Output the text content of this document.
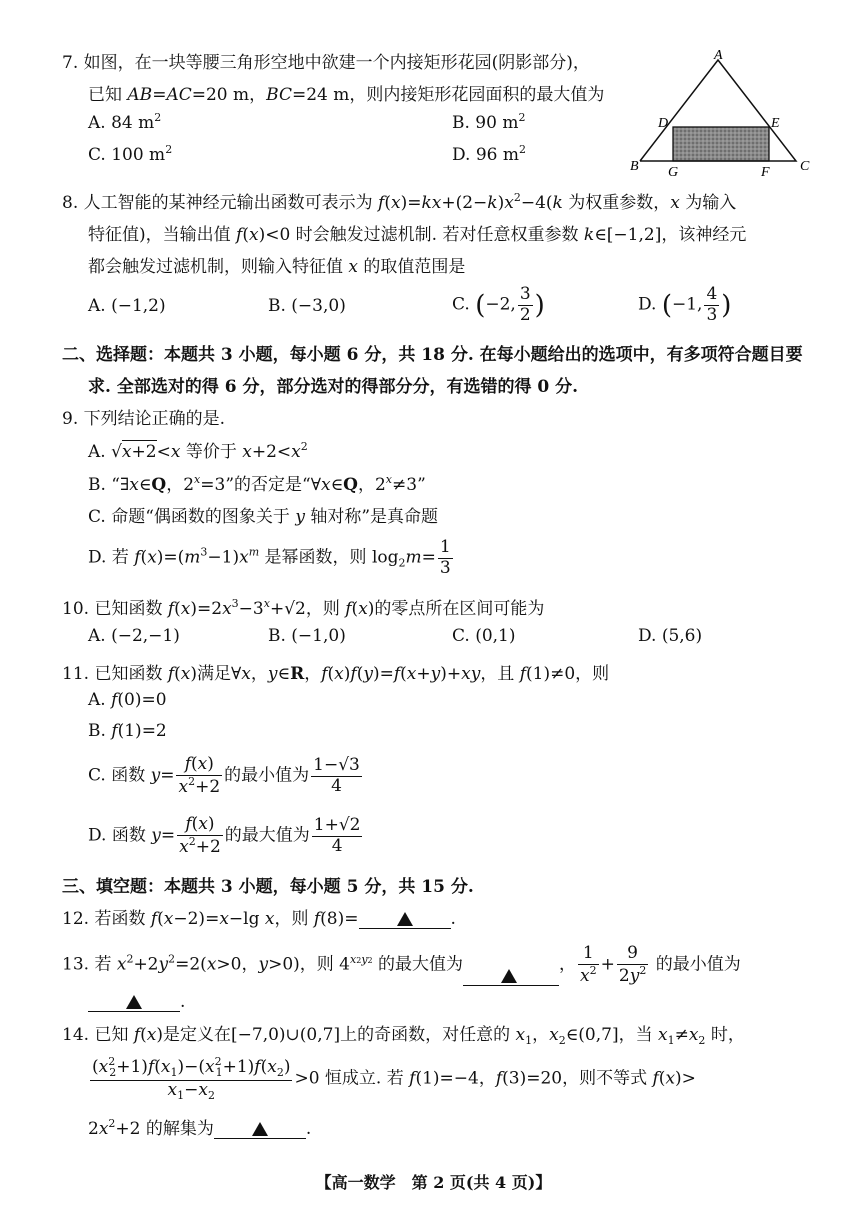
7. 如图，在一块等腰三角形空地中欲建一个内接矩形花园(阴影部分)，
已知 AB=AC=20 m，BC=24 m，则内接矩形花园面积的最大值为
A. 84 $m^2$	B. 90 $m^2$
C. 100 $m^2$	D. 96 $m^2$
A
D	E
B G	F C
8. 人工智能的某神经元输出函数可表示为 $f(x)=kx+(2-k)x^2-4(k$ 为权重参数，x 为输入
特征值)，当输出值 f(x)<0 时会触发过滤机制. 若对任意权重参数 k∈[−1,2]，该神经元
都会触发过滤机制，则输入特征值 x 的取值范围是
A. (−1,2)	B. (−3,0)	C. (−2, $\frac{3}{2}$ )	D. (−1, $\frac{4}{3}$ )
二、选择题：本题共 3 小题，每小题 6 分，共 18 分. 在每小题给出的选项中，有多项符合题目要
求. 全部选对的得 6 分，部分选对的得部分分，有选错的得 0 分.
9. 下列结论正确的是.
A. √x+2<x 等价于 $x+2<x^2$
B. “∃x∈Q，$2^x=3$”的否定是“∀x∈Q，$2^x\ne 3$”
C. 命题“偶函数的图象关于 y 轴对称”是真命题
D. 若 $f(x)=(m^3-1)x^m$ 是幂函数，则 $\log_2m= \frac{1}{3}$
10. 已知函数 $f(x)=2x^3-3^x+√2$，则 f(x)的零点所在区间可能为
A. (−2,−1)	B. (−1,0)	C. (0,1)	D. (5,6)
11. 已知函数 f(x)满足∀x，y∈R，f(x)f(y)=f(x+y)+xy，且 f(1)≠0，则
A. f(0)=0
B. f(1)=2
C. 函数 $y= \frac{f(x)}{x^2+2}$ 的最小值为 $\frac{1-√3}{4}$
D. 函数 $y= \frac{f(x)}{x^2+2}$ 的最大值为 $\frac{1+√2}{4}$
三、填空题：本题共 3 小题，每小题 5 分，共 15 分.
12. 若函数 f(x−2)=x−lg x，则 f(8)=	.
13. 若 $x^2+2y^2=2(x>0$，y>0)，则 $4^{x2y2}$ 的最大值为	， $\frac{1}{x^2} + \frac{9}{2y^2}$ 的最小值为
.
14. 已知 f(x)是定义在[−7,0)∪(0,7]上的奇函数，对任意的 $x_1$，$x_2\in(0,7]$，当 $x_1\ne x_2$ 时，
$\frac{(x^2_2+1)f(x_1)-(x^2_1+1)f(x_2)}{x_1-x_2} >0$ 恒成立. 若 f(1)=−4，f(3)=20，则不等式 f(x)>
$2x^2+2$ 的解集为	.
【高一数学　第 2 页(共 4 页)】
